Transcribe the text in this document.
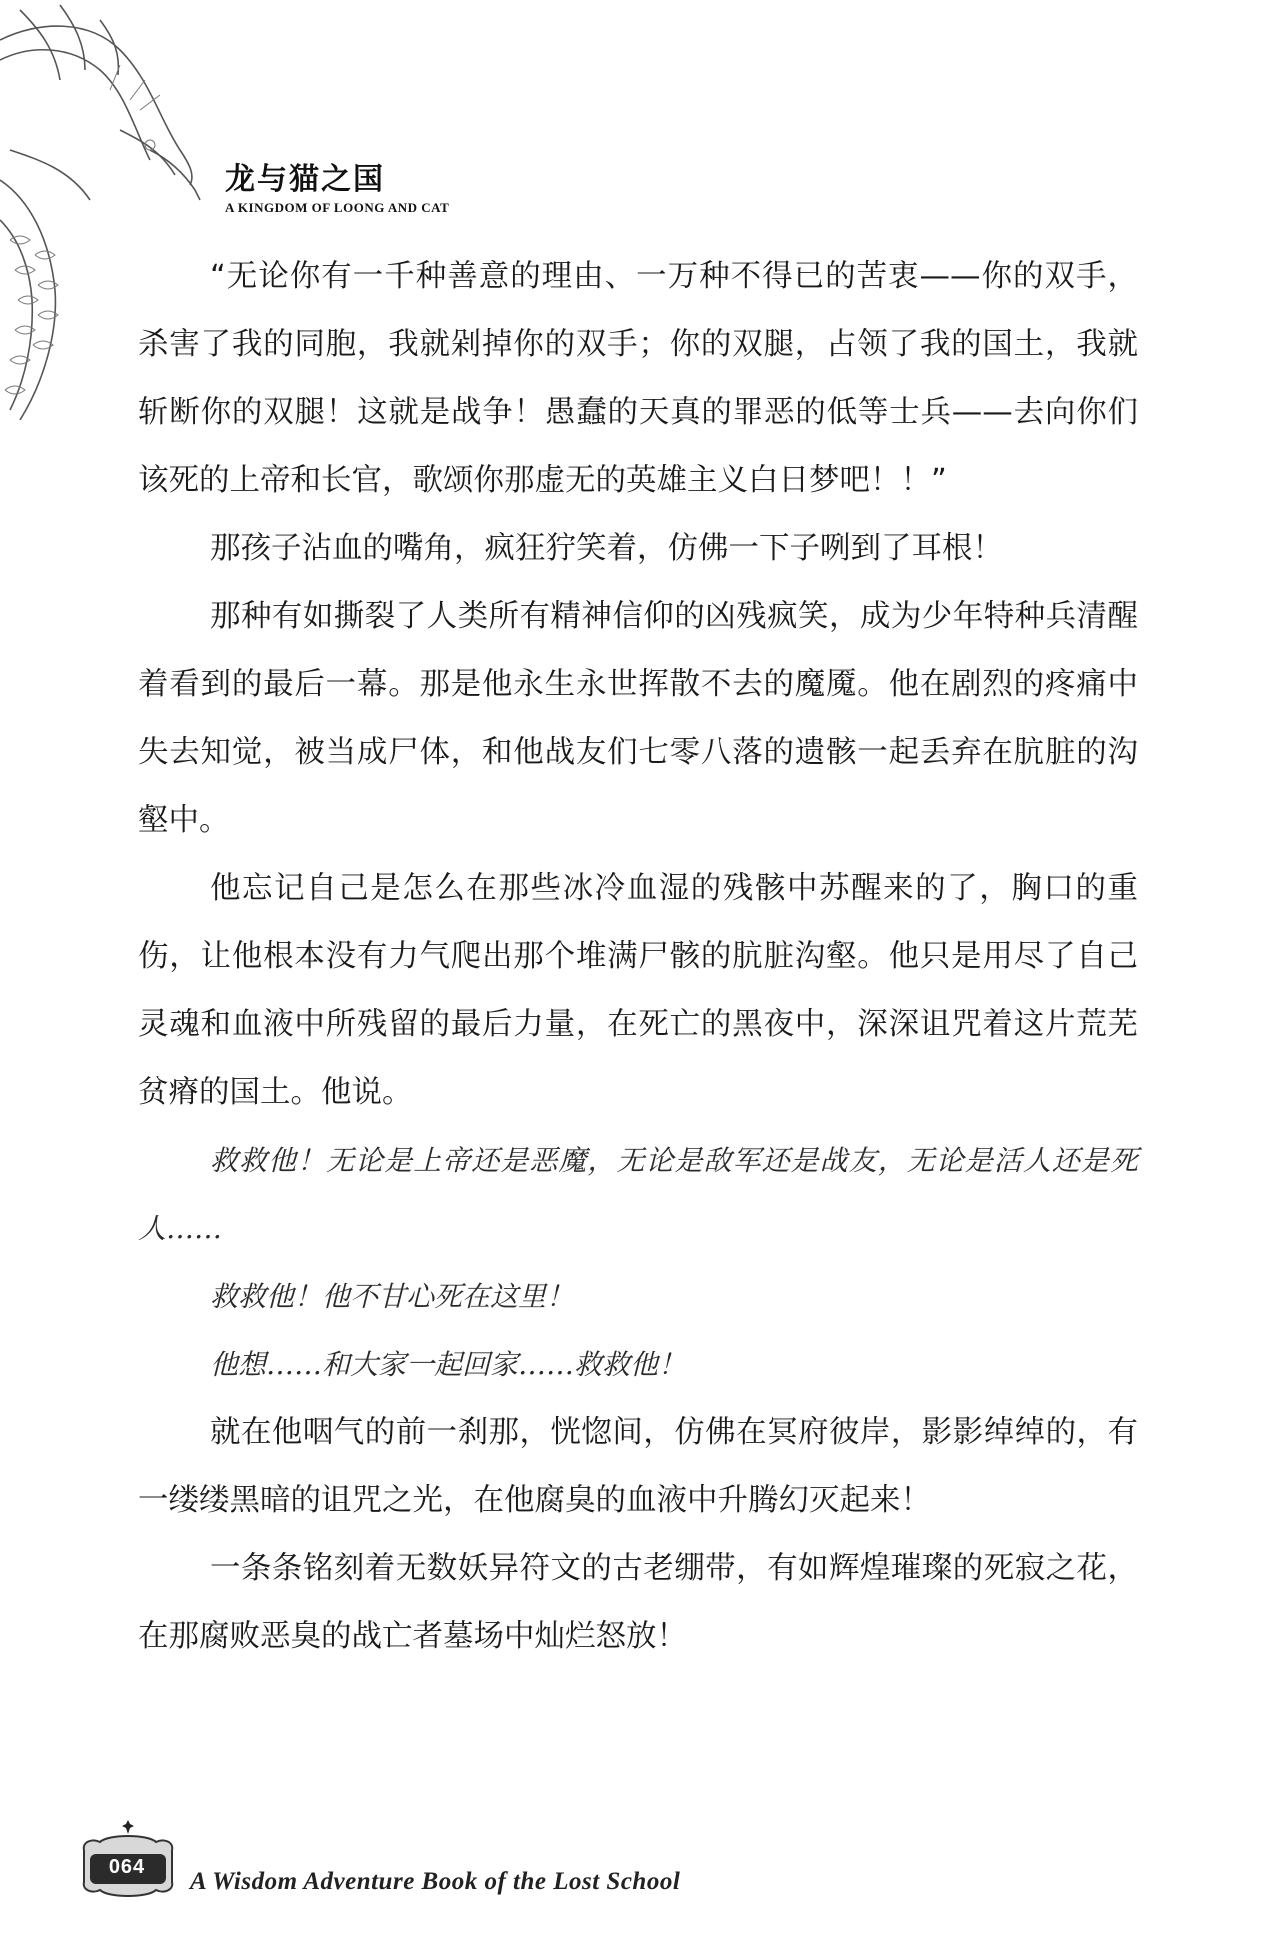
龙与猫之国
A KINGDOM OF LOONG AND CAT

“无论你有一千种善意的理由、一万种不得已的苦衷——你的双手，杀害了我的同胞，我就剁掉你的双手；你的双腿，占领了我的国土，我就斩断你的双腿！这就是战争！愚蠢的天真的罪恶的低等士兵——去向你们该死的上帝和长官，歌颂你那虚无的英雄主义白日梦吧！！”

那孩子沾血的嘴角，疯狂狞笑着，仿佛一下子咧到了耳根！

那种有如撕裂了人类所有精神信仰的凶残疯笑，成为少年特种兵清醒着看到的最后一幕。那是他永生永世挥散不去的魔魇。他在剧烈的疼痛中失去知觉，被当成尸体，和他战友们七零八落的遗骸一起丢弃在肮脏的沟壑中。

他忘记自己是怎么在那些冰冷血湿的残骸中苏醒来的了，胸口的重伤，让他根本没有力气爬出那个堆满尸骸的肮脏沟壑。他只是用尽了自己灵魂和血液中所残留的最后力量，在死亡的黑夜中，深深诅咒着这片荒芜贫瘠的国土。他说。

救救他！无论是上帝还是恶魔，无论是敌军还是战友，无论是活人还是死人……

救救他！他不甘心死在这里！

他想……和大家一起回家……救救他！

就在他咽气的前一刹那，恍惚间，仿佛在冥府彼岸，影影绰绰的，有一缕缕黑暗的诅咒之光，在他腐臭的血液中升腾幻灭起来！

一条条铭刻着无数妖异符文的古老绷带，有如辉煌璀璨的死寂之花，在那腐败恶臭的战亡者墓场中灿烂怒放！

064
A Wisdom Adventure Book of the Lost School
